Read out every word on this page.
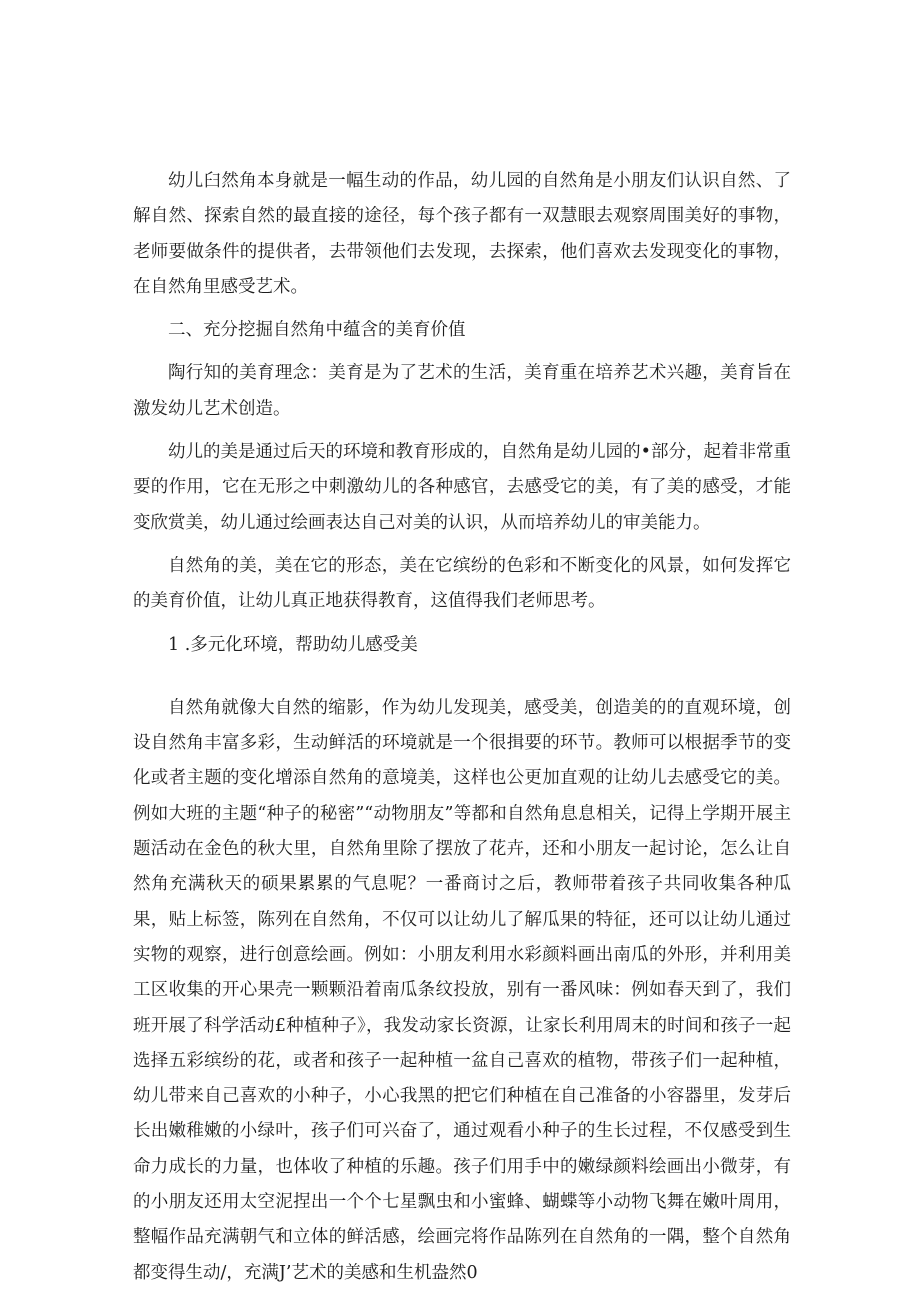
幼儿臼然角本身就是一幅生动的作品，幼儿园的自然角是小朋友们认识自然、了解自然、探索自然的最直接的途径，每个孩子都有一双慧眼去观察周围美好的事物，老师要做条件的提供者，去带领他们去发现，去探索，他们喜欢去发现变化的事物，在自然角里感受艺术。

二、充分挖掘自然角中蕴含的美育价值

陶行知的美育理念：美育是为了艺术的生活，美育重在培养艺术兴趣，美育旨在激发幼儿艺术创造。

幼儿的美是通过后天的环境和教育形成的，自然角是幼儿园的•部分，起着非常重要的作用，它在无形之中刺激幼儿的各种感官，去感受它的美，有了美的感受，才能变欣赏美，幼儿通过绘画表达自己对美的认识，从而培养幼儿的审美能力。

自然角的美，美在它的形态，美在它缤纷的色彩和不断变化的风景，如何发挥它的美育价值，让幼儿真正地获得教育，这值得我们老师思考。

1 .多元化环境，帮助幼儿感受美

自然角就像大自然的缩影，作为幼儿发现美，感受美，创造美的的直观环境，创设自然角丰富多彩，生动鲜活的环境就是一个很揖要的环节。教师可以根据季节的变化或者主题的变化增添自然角的意境美，这样也公更加直观的让幼儿去感受它的美。例如大班的主题“种子的秘密”“动物朋友”等都和自然角息息相关，记得上学期开展主题活动在金色的秋大里，自然角里除了摆放了花卉，还和小朋友一起讨论，怎么让自然角充满秋天的硕果累累的气息呢？一番商讨之后，教师带着孩子共同收集各种瓜果，贴上标签，陈列在自然角，不仅可以让幼儿了解瓜果的特征，还可以让幼儿通过实物的观察，进行创意绘画。例如：小朋友利用水彩颜料画出南瓜的外形，并利用美工区收集的开心果壳一颗颗沿着南瓜条纹投放，别有一番风味：例如春天到了，我们班开展了科学活动£种植种子》，我发动家长资源，让家长利用周末的时间和孩子一起选择五彩缤纷的花，或者和孩子一起种植一盆自己喜欢的植物，带孩子们一起种植，幼儿带来自己喜欢的小种子，小心我黑的把它们种植在自己准备的小容器里，发芽后长出嫩稚嫩的小绿叶，孩子们可兴奋了，通过观看小种子的生长过程，不仅感受到生命力成长的力量，也体收了种植的乐趣。孩子们用手中的嫩绿颜料绘画出小微芽，有的小朋友还用太空泥捏出一个个七星飘虫和小蜜蜂、蝴蝶等小动物飞舞在嫩叶周用，整幅作品充满朝气和立体的鲜活感，绘画完将作品陈列在自然角的一隅，整个自然角都变得生动/，充满J’艺术的美感和生机盎然0
